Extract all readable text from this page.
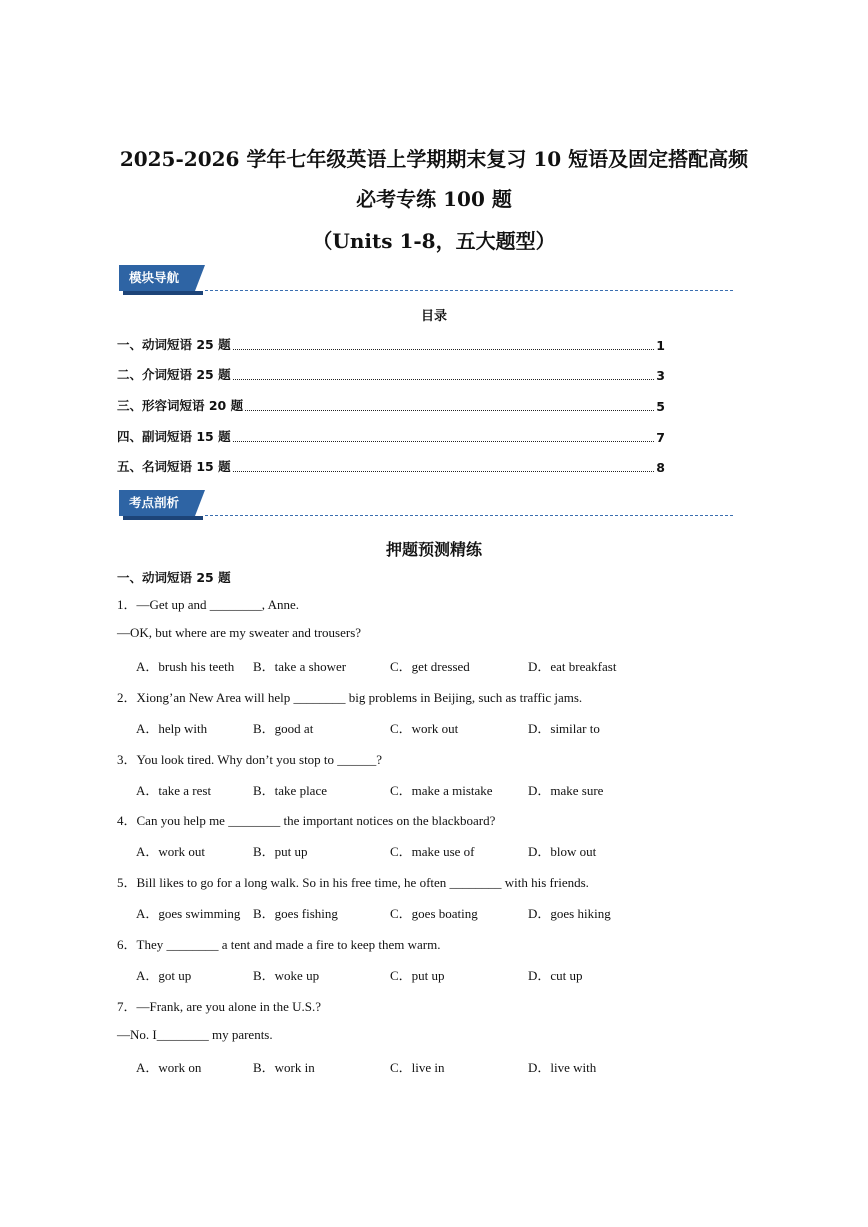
2025-2026 学年七年级英语上学期期末复习 10 短语及固定搭配高频
必考专练 100 题
（Units 1-8，五大题型）
模块导航
目录
一、动词短语 25 题	1
二、介词短语 25 题	3
三、形容词短语 20 题	5
四、副词短语 15 题	7
五、名词短语 15 题	8
考点剖析
押题预测精练
一、动词短语 25 题
1．—Get up and ________, Anne.
—OK, but where are my sweater and trousers?
A．brush his teeth B．take a shower	C．get dressed	D．eat breakfast
2．Xiong’an New Area will help ________ big problems in Beijing, such as traffic jams.
A．help with	B．good at	C．work out	D．similar to
3．You look tired. Why don’t you stop to ______?
A．take a rest	B．take place	C．make a mistake	D．make sure
4．Can you help me ________ the important notices on the blackboard?
A．work out	B．put up	C．make use of	D．blow out
5．Bill likes to go for a long walk. So in his free time, he often ________ with his friends.
A．goes swimming B．goes fishing	C．goes boating	D．goes hiking
6．They ________ a tent and made a fire to keep them warm.
A．got up	B．woke up	C．put up	D．cut up
7．—Frank, are you alone in the U.S.?
—No. I________ my parents.
A．work on	B．work in	C．live in	D．live with
